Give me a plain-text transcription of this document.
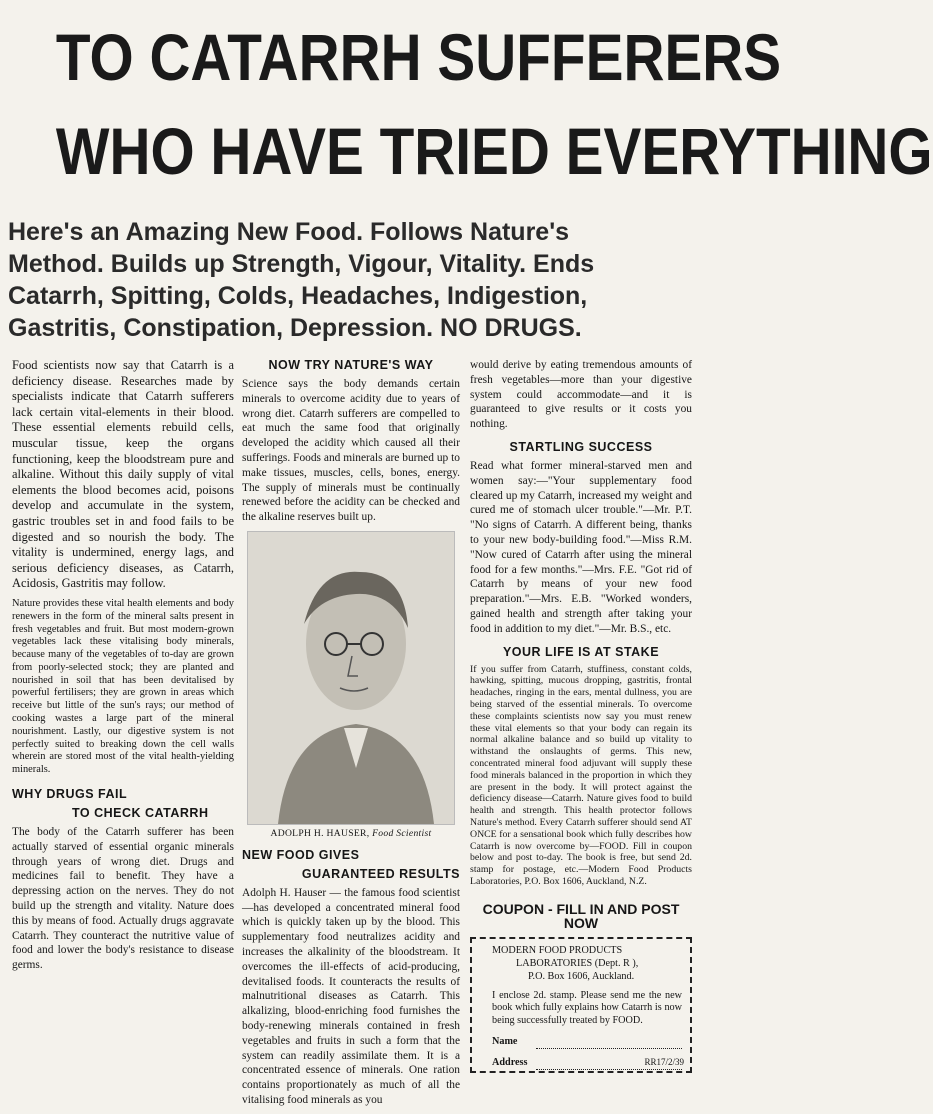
TO CATARRH SUFFERERS
WHO HAVE TRIED EVERYTHING
Here's an Amazing New Food. Follows Nature's
Method. Builds up Strength, Vigour, Vitality. Ends
Catarrh, Spitting, Colds, Headaches, Indigestion,
Gastritis, Constipation, Depression. NO DRUGS.

Food scientists now say that Catarrh is a deficiency disease. Researches made by specialists indicate that Catarrh sufferers lack certain vital-elements in their blood. These essential elements rebuild cells, muscular tissue, keep the organs functioning, keep the bloodstream pure and alkaline. Without this daily supply of vital elements the blood becomes acid, poisons develop and accumulate in the system, gastric troubles set in and food fails to be digested and so nourish the body. The vitality is undermined, energy lags, and serious deficiency diseases, as Catarrh, Acidosis, Gastritis may follow.

Nature provides these vital health elements and body renewers in the form of the mineral salts present in fresh vegetables and fruit. But most modern-grown vegetables lack these vitalising body minerals, because many of the vegetables of to-day are grown from poorly-selected stock; they are planted and nourished in soil that has been devitalised by powerful fertilisers; they are grown in areas which receive but little of the sun's rays; our method of cooking wastes a large part of the mineral nourishment. Lastly, our digestive system is not perfectly suited to breaking down the cell walls wherein are stored most of the vital health-yielding minerals.

WHY DRUGS FAIL
TO CHECK CATARRH

The body of the Catarrh sufferer has been actually starved of essential organic minerals through years of wrong diet. Drugs and medicines fail to benefit. They have a depressing action on the nerves. They do not build up the strength and vitality. Nature does this by means of food. Actually drugs aggravate Catarrh. They counteract the nutritive value of food and lower the body's resistance to disease germs.

NOW TRY NATURE'S WAY

Science says the body demands certain minerals to overcome acidity due to years of wrong diet. Catarrh sufferers are compelled to eat much the same food that originally developed the acidity which caused all their sufferings. Foods and minerals are burned up to make tissues, muscles, cells, bones, energy. The supply of minerals must be continually renewed before the acidity can be checked and the alkaline reserves built up.

ADOLPH H. HAUSER, Food Scientist
NEW FOOD GIVES
GUARANTEED RESULTS

Adolph H. Hauser — the famous food scientist—has developed a concentrated mineral food which is quickly taken up by the blood. This supplementary food neutralizes acidity and increases the alkalinity of the bloodstream. It overcomes the ill-effects of acid-producing, devitalised foods. It counteracts the results of malnutritional diseases as Catarrh. This alkalizing, blood-enriching food furnishes the body-renewing minerals contained in fresh vegetables and fruits in such a form that the system can readily assimilate them. It is a concentrated essence of minerals. One ration contains proportionately as much of all the vitalising food minerals as you

would derive by eating tremendous amounts of fresh vegetables—more than your digestive system could accommodate—and it is guaranteed to give results or it costs you nothing.

STARTLING SUCCESS

Read what former mineral-starved men and women say:—"Your supplementary food cleared up my Catarrh, increased my weight and cured me of stomach ulcer trouble."—Mr. P.T. "No signs of Catarrh. A different being, thanks to your new body-building food."—Miss R.M. "Now cured of Catarrh after using the mineral food for a few months."—Mrs. F.E. "Got rid of Catarrh by means of your new food preparation."—Mrs. E.B. "Worked wonders, gained health and strength after taking your food in addition to my diet."—Mr. B.S., etc.

YOUR LIFE IS AT STAKE

If you suffer from Catarrh, stuffiness, constant colds, hawking, spitting, mucous dropping, gastritis, frontal headaches, ringing in the ears, mental dullness, you are being starved of the essential minerals. To overcome these complaints scientists now say you must renew these vital elements so that your body can regain its normal alkaline balance and so build up vitality to withstand the onslaughts of germs. This new, concentrated mineral food adjuvant will supply these food minerals balanced in the proportion in which they are present in the body. It will protect against the deficiency disease—Catarrh. Nature gives food to build health and strength. This health protector follows Nature's method. Every Catarrh sufferer should send AT ONCE for a sensational book which fully describes how Catarrh is now overcome by—FOOD. Fill in coupon below and post to-day. The book is free, but send 2d. stamp for postage, etc.—Modern Food Products Laboratories, P.O. Box 1606, Auckland, N.Z.

COUPON - FILL IN AND POST NOW
MODERN FOOD PRODUCTS
LABORATORIES (Dept. R ),
P.O. Box 1606, Auckland.
I enclose 2d. stamp. Please send me the new book which fully explains how Catarrh is now being successfully treated by FOOD.
Name
Address	RR17/2/39
